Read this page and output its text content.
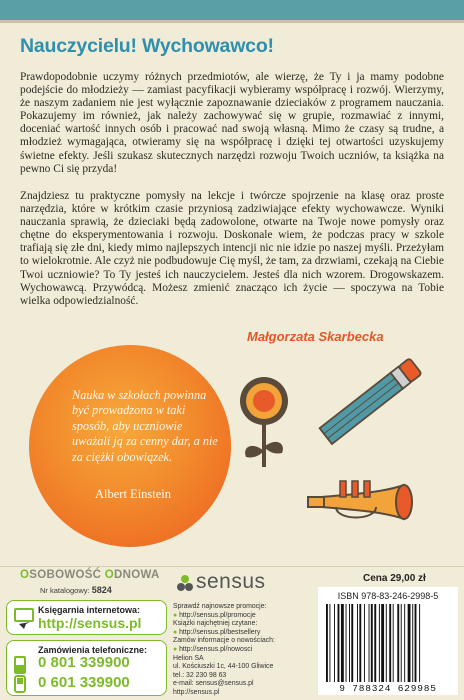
Nauczycielu! Wychowawco!

Prawdopodobnie uczymy różnych przedmiotów, ale wierzę, że Ty i ja mamy podobne podejście do młodzieży — zamiast pacyfikacji wybieramy współpracę i rozwój. Wierzymy, że naszym zadaniem nie jest wyłącznie zapoznawanie dzieciaków z programem nauczania. Pokazujemy im również, jak należy zachowywać się w grupie, rozmawiać z innymi, doceniać wartość innych osób i pracować nad swoją własną. Mimo że czasy są trudne, a młodzież wymagająca, otwieramy się na współpracę i dzięki tej otwartości uzyskujemy świetne efekty. Jeśli szukasz skutecznych narzędzi rozwoju Twoich uczniów, ta książka na pewno Ci się przyda!

Znajdziesz tu praktyczne pomysły na lekcje i twórcze spojrzenie na klasę oraz proste narzędzia, które w krótkim czasie przyniosą zadziwiające efekty wychowawcze. Wyniki nauczania sprawią, że dzieciaki będą zadowolone, otwarte na Twoje nowe pomysły oraz chętne do eksperymentowania i rozwoju. Doskonale wiem, że podczas pracy w szkole trafiają się złe dni, kiedy mimo najlepszych intencji nic nie idzie po naszej myśli. Przeżyłam to wielokrotnie. Ale czyż nie podbudowuje Cię myśl, że tam, za drzwiami, czekają na Ciebie Twoi uczniowie? To Ty jesteś ich nauczycielem. Jesteś dla nich wzorem. Drogowskazem. Wychowawcą. Przywódcą. Możesz zmienić znacząco ich życie — spoczywa na Tobie wielka odpowiedzialność.

Małgorzata Skarbecka
Nauka w szkołach powinna być prowadzona w taki sposób, aby uczniowie uważali ją za cenny dar, a nie za ciężki obowiązek.
Albert Einstein
OSOBOWOŚĆ ODNOWA
Nr katalogowy: 5824
Księgarnia internetowa:
http://sensus.pl
Zamówienia telefoniczne:
0 801 339900
0 601 339900
sensus
Sprawdź najnowsze promocje:
● http://sensus.pl/promocje
Książki najchętniej czytane:
● http://sensus.pl/bestsellery
Zamów informacje o nowościach:
● http://sensus.pl/nowosci
Helion SA
ul. Kościuszki 1c, 44-100 Gliwice
tel.: 32 230 98 63
e-mail: sensus@sensus.pl
http://sensus.pl
Cena 29,00 zł
ISBN 978-83-246-2998-5
9 788324 629985
